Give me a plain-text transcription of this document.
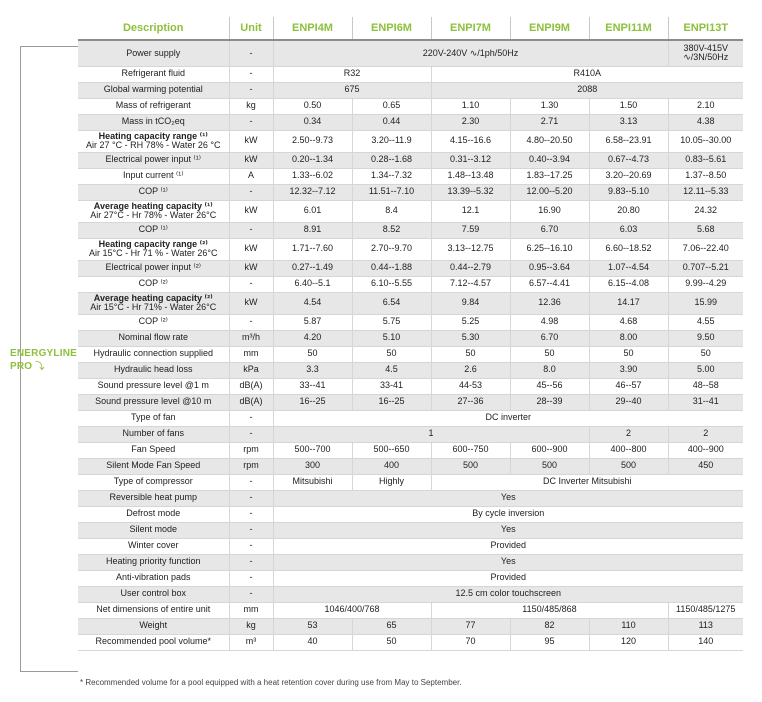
ENERGYLINE
PRO ⤵
Description	Unit	ENPI4M	ENPI6M	ENPI7M	ENPI9M	ENPI11M	ENPI13T
Power supply	-	220V-240V ∿/1ph/50Hz					380V-415V ∿/3N/50Hz
Refrigerant fluid	-	R32		R410A			
Global warming potential	-	675		2088			
Mass of refrigerant	kg	0.50	0.65	1.10	1.30	1.50	2.10
Mass in tCO₂eq	-	0.34	0.44	2.30	2.71	3.13	4.38
Heating capacity range ⁽¹⁾
Air 27 °C - RH 78% - Water 26 °C	kW	2.50--9.73	3.20--11.9	4.15--16.6	4.80--20.50	6.58--23.91	10.05--30.00
Electrical power input ⁽¹⁾	kW	0.20--1.34	0.28--1.68	0.31--3.12	0.40--3.94	0.67--4.73	0.83--5.61
Input current ⁽¹⁾	A	1.33--6.02	1.34--7.32	1.48--13.48	1.83--17.25	3.20--20.69	1.37--8.50
COP ⁽¹⁾	-	12.32--7.12	11.51--7.10	13.39--5.32	12.00--5.20	9.83--5.10	12.11--5.33
Average heating capacity ⁽¹⁾
Air 27°C - Hr 78% - Water 26°C	kW	6.01	8.4	12.1	16.90	20.80	24.32
COP ⁽¹⁾	-	8.91	8.52	7.59	6.70	6.03	5.68
Heating capacity range ⁽²⁾
Air 15°C - Hr 71 % - Water 26°C	kW	1.71--7.60	2.70--9.70	3.13--12.75	6.25--16.10	6.60--18.52	7.06--22.40
Electrical power input ⁽²⁾	kW	0.27--1.49	0.44--1.88	0.44--2.79	0.95--3.64	1.07--4.54	0.707--5.21
COP ⁽²⁾	-	6.40--5.1	6.10--5.55	7.12--4.57	6.57--4.41	6.15--4.08	9.99--4.29
Average heating capacity ⁽²⁾
Air 15°C - Hr 71% - Water 26°C	kW	4.54	6.54	9.84	12.36	14.17	15.99
COP ⁽²⁾	-	5.87	5.75	5.25	4.98	4.68	4.55
Nominal flow rate	m³/h	4.20	5.10	5.30	6.70	8.00	9.50
Hydraulic connection supplied	mm	50	50	50	50	50	50
Hydraulic head loss	kPa	3.3	4.5	2.6	8.0	3.90	5.00
Sound pressure level @1 m	dB(A)	33--41	33-41	44-53	45--56	46--57	48--58
Sound pressure level @10 m	dB(A)	16--25	16--25	27--36	28--39	29--40	31--41
Type of fan	-	DC inverter					
Number of fans	-	1				2	2
Fan Speed	rpm	500--700	500--650	600--750	600--900	400--800	400--900
Silent Mode Fan Speed	rpm	300	400	500	500	500	450
Type of compressor	-	Mitsubishi	Highly	DC Inverter Mitsubishi			
Reversible heat pump	-	Yes					
Defrost mode	-	By cycle inversion					
Silent mode	-	Yes					
Winter cover	-	Provided					
Heating priority function	-	Yes					
Anti-vibration pads	-	Provided					
User control box	-	12.5 cm color touchscreen					
Net dimensions of entire unit	mm	1046/400/768		1150/485/868			1150/485/1275
Weight	kg	53	65	77	82	110	113
Recommended pool volume*	m³	40	50	70	95	120	140
* Recommended volume for a pool equipped with a heat retention cover during use from May to September.
